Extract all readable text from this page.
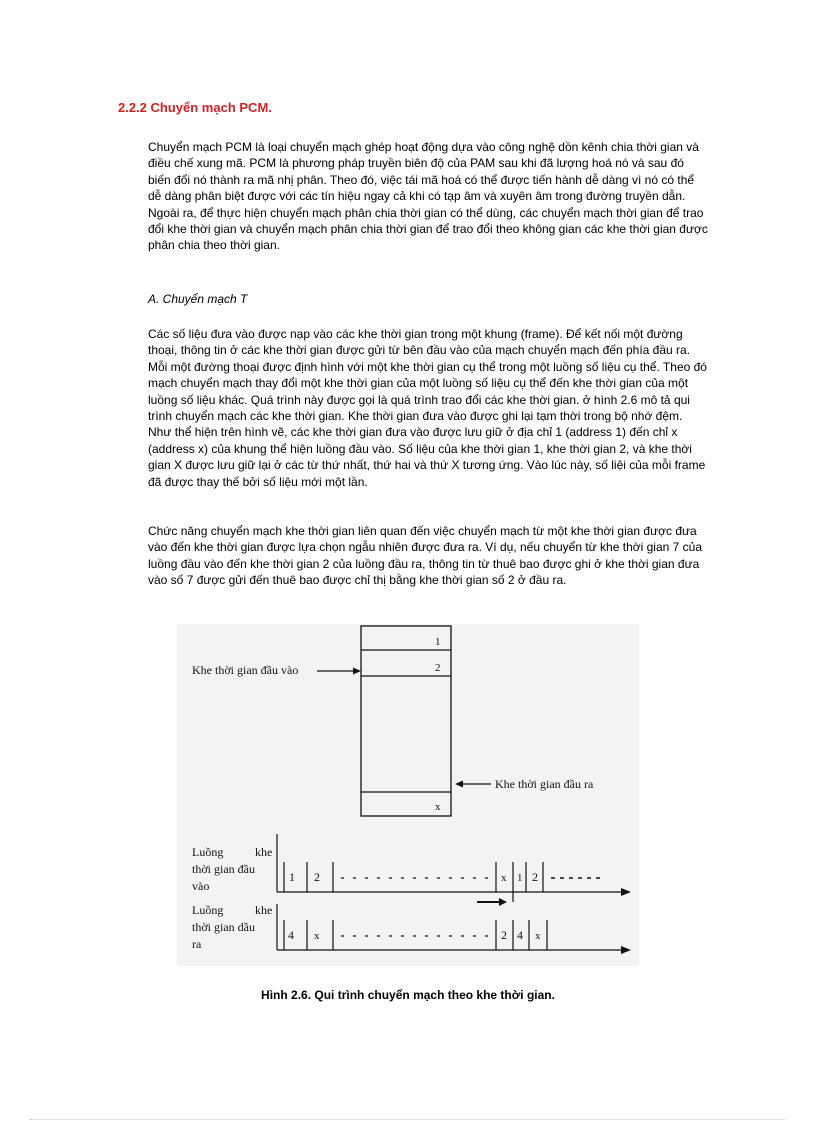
2.2.2 Chuyển mạch PCM.

Chuyển mạch PCM là loại chuyển mạch ghép hoạt động dựa vào công nghệ dồn kênh chia thời gian và điều chế xung mã. PCM là phương pháp truyền biên độ của PAM sau khi đã lượng hoá nó và sau đó biến đổi nó thành ra mã nhị phân. Theo đó, việc tái mã hoá có thể được tiến hành dễ dàng vì nó có thể dễ dàng phân biệt được với các tín hiệu ngay cả khi có tạp âm và xuyên âm trong đường truyền dẫn. Ngoài ra, để thực hiện chuyển mạch phân chia thời gian có thể dùng, các chuyển mạch thời gian để trao đổi khe thời gian và chuyển mạch phân chia thời gian để trao đổi theo không gian các khe thời gian được phân chia theo thời gian.

A. Chuyển mạch T

Các số liệu đưa vào được nạp vào các khe thời gian trong một khung (frame). Để kết nối một đường thoại, thông tin ở các khe thời gian được gửi từ bên đầu vào của mạch chuyển mạch đến phía đầu ra. Mỗi một đường thoại được định hình với một khe thời gian cụ thể trong một luồng số liệu cụ thể. Theo đó mạch chuyển mạch thay đổi một khe thời gian của một luồng số liệu cụ thể đến khe thời gian của một luồng số liệu khác. Quá trình này được gọi là quá trình trao đổi các khe thời gian. ở hình 2.6 mô tả qui trình chuyển mạch các khe thời gian. Khe thời gian đưa vào được ghi lại tạm thời trong bộ nhớ đệm. Như thể hiện trên hình vẽ, các khe thời gian đưa vào được lưu giữ ở địa chỉ 1 (address 1) đến chỉ x (address x) của khung thể hiện luồng đầu vào. Số liệu của khe thời gian 1, khe thời gian 2, và khe thời gian X được lưu giữ lại ở các từ thứ nhất, thứ hai và thứ X tương ứng. Vào lúc này, số liệi của mỗi frame đã được thay thế bởi số liệu mới một lần.

Chức năng chuyển mạch khe thời gian liên quan đến việc chuyển mạch từ một khe thời gian được đưa vào đến khe thời gian được lựa chọn ngẫu nhiên được đưa ra. Ví dụ, nếu chuyển từ khe thời gian 7 của luồng đầu vào đến khe thời gian 2 của luồng đầu ra, thông tin từ thuê bao được ghi ở khe thời gian đưa vào số 7 được gửi đến thuê bao được chỉ thị bằng khe thời gian số 2 ở đầu ra.

1
2
x
Khe thời gian đầu vào
Khe thời gian đầu ra
Luồng	khe
thời gian đầu
vào
1 2	x 1 2
Luồng	khe
thời gian dầu
ra
4 x	2 4 x
Hình 2.6. Qui trình chuyển mạch theo khe thời gian.
